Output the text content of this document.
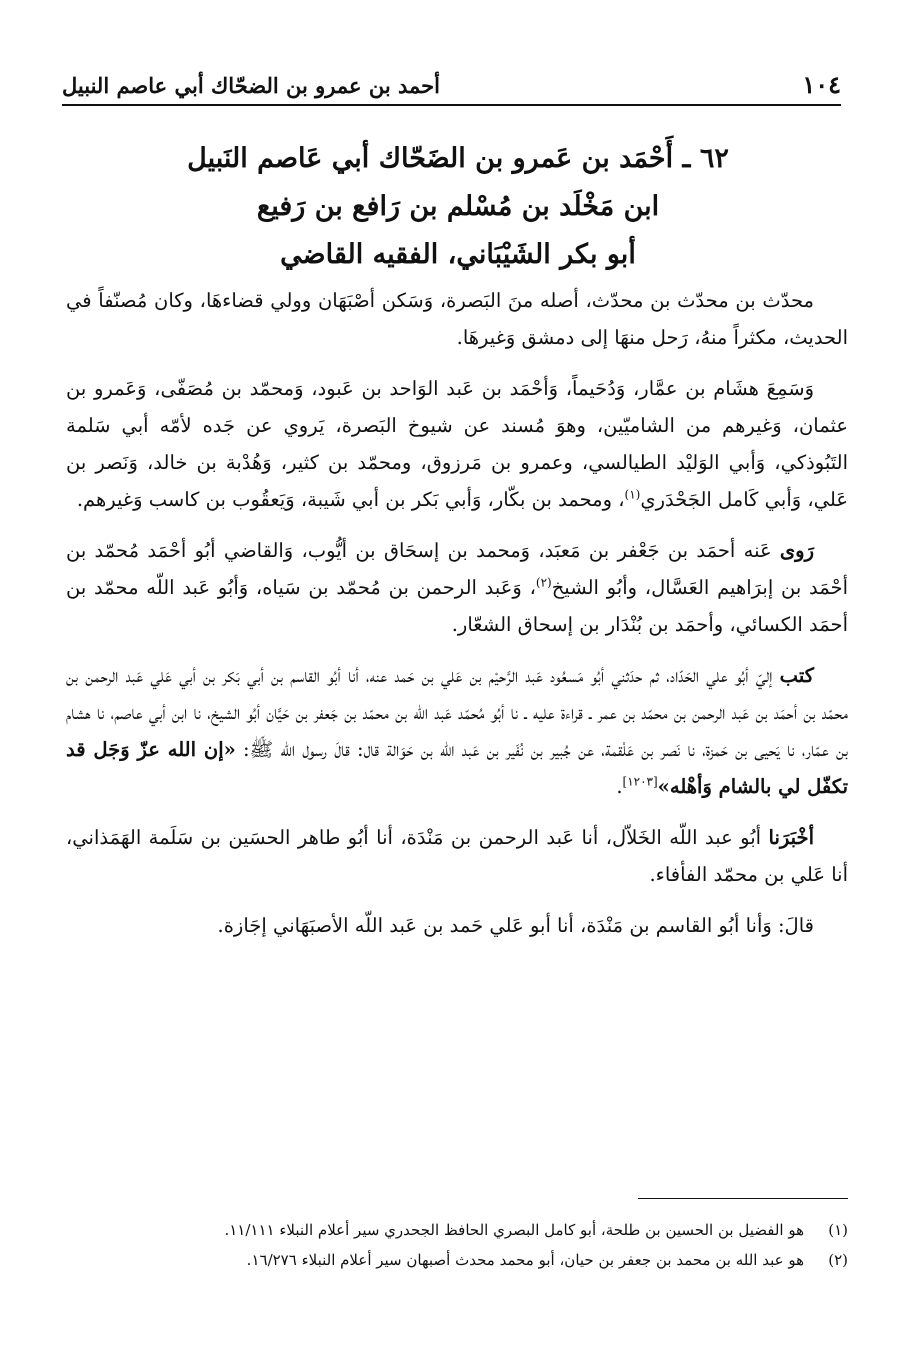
١٠٤
أحمد بن عمرو بن الضحّاك أبي عاصم النبيل
٦٢ ـ أَحْمَد بن عَمرو بن الضَحّاك أبي عَاصم النَبيل
ابن مَخْلَد بن مُسْلم بن رَافع بن رَفيع
أبو بكر الشَيْبَاني، الفقيه القاضي

محدّث بن محدّث بن محدّث، أصله منَ البَصرة، وَسَكن أصْبَهَان وولي قضاءهَا، وكان مُصنّفاً في الحديث، مكثراً منهُ، رَحل منهَا إلى دمشق وَغيرهَا.

وَسَمِعَ هشَام بن عمَّار، وَدُحَيماً، وَأحْمَد بن عَبد الوَاحد بن عَبود، وَمحمّد بن مُصَفّى، وَعَمرو بن عثمان، وَغيرهم من الشاميّين، وهوَ مُسند عن شيوخ البَصرة، يَروي عن جَده لأمّه أبي سَلمة التَبُوذكي، وَأبي الوَليْد الطيالسي، وعمرو بن مَرزوق، ومحمّد بن كثير، وَهُدْبة بن خالد، وَنَصر بن عَلي، وَأبي كَامل الجَحْدَري$^{(١)}$، ومحمد بن بكّار، وَأبي بَكر بن أبي شَيبة، وَيَعقُوب بن كاسب وَغيرهم.

رَوى عَنه أحمَد بن جَعْفر بن مَعبَد، وَمحمد بن إسحَاق بن أيُّوب، وَالقاضي أبُو أحْمَد مُحمّد بن أحْمَد بن إبرَاهيم العَسَّال، وأبُو الشيخ$^{(٢)}$، وَعَبد الرحمن بن مُحمّد بن سَياه، وَأبُو عَبد اللّه محمّد بن أحمَد الكسائي، وأحمَد بن بُنْدَار بن إسحاق الشعّار.

كتب إليّ أبُو علي الحَدّاد، ثم حدَثني أبُو مَسعُود عَبد الرَّحيْم بن عَلي بن حَمد عنه، أنا أبُو القاسم بن أبي بَكر بن أبي عَلي عَبد الرحمن بن محمّد بن أحمَد بن عَبد الرحمن بن محمّد بن عمر ـ قراءة عليه ـ نا أبُو مُحمّد عَبد اللّه بن محمّد بن جَعفر بن حَيَّان أبُو الشيخ، نا ابن أبي عاصم، نا هشام بن عمّار، نا يَحيى بن حَمزة، نا نَصر بن عَلْقمة، عن جُبير بن نُفَير بن عَبد اللّه بن حَوَالة قال: قالَ رسول الله ﷺ: «إن الله عزّ وَجَل قد تكفّل لي بالشام وَأهْله»[١٢٠٣].

أخْبَرَنا أبُو عبد اللّه الخَلاّل، أنا عَبد الرحمن بن مَنْدَة، أنا أبُو طاهر الحسَين بن سَلَمة الهَمَذاني، أنا عَلي بن محمّد الفأفاء.

قالَ: وَأنا أبُو القاسم بن مَنْدَة، أنا أبو عَلي حَمد بن عَبد اللّه الأصبَهَاني إجَازة.

(١)هو الفضيل بن الحسين بن طلحة، أبو كامل البصري الحافظ الجحدري سير أعلام النبلاء ١١/١١١.
(٢)هو عبد الله بن محمد بن جعفر بن حيان، أبو محمد محدث أصبهان سير أعلام النبلاء ١٦/٢٧٦.
